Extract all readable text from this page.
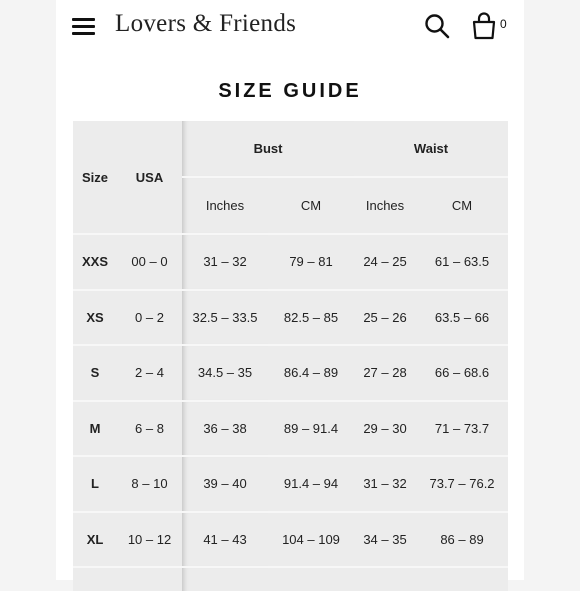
Lovers & Friends	0
SIZE GUIDE
Size	USA	Bust		Waist	
		Inches	CM	Inches	CM
XXS	00 – 0	31 – 32	79 – 81	24 – 25	61 – 63.5
XS	0 – 2	32.5 – 33.5	82.5 – 85	25 – 26	63.5 – 66
S	2 – 4	34.5 – 35	86.4 – 89	27 – 28	66 – 68.6
M	6 – 8	36 – 38	89 – 91.4	29 – 30	71 – 73.7
L	8 – 10	39 – 40	91.4 – 94	31 – 32	73.7 – 76.2
XL	10 – 12	41 – 43	104 – 109	34 – 35	86 – 89
